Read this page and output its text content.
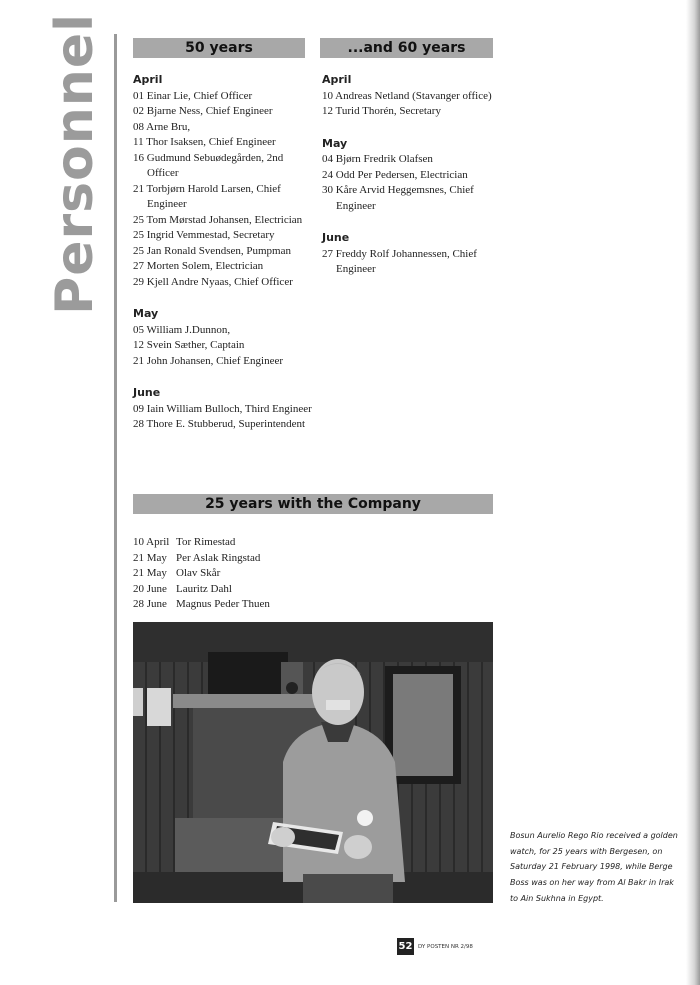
Personnel	50 years	...and 60 years
April
01 Einar Lie, Chief Officer
02 Bjarne Ness, Chief Engineer
08 Arne Bru,
11 Thor Isaksen, Chief Engineer
16 Gudmund Sebuødegården, 2nd Officer
21 Torbjørn Harold Larsen, Chief Engineer
25 Tom Mørstad Johansen, Electrician
25 Ingrid Vemmestad, Secretary
25 Jan Ronald Svendsen, Pumpman
27 Morten Solem, Electrician
29 Kjell Andre Nyaas, Chief Officer
May
05 William J.Dunnon,
12 Svein Sæther, Captain
21 John Johansen, Chief Engineer
June
09 Iain William Bulloch, Third Engineer
28 Thore E. Stubberud, Superintendent
April
10 Andreas Netland (Stavanger office)
12 Turid Thorén, Secretary
May
04 Bjørn Fredrik Olafsen
24 Odd Per Pedersen, Electrician
30 Kåre Arvid Heggemsnes, Chief Engineer
June
27 Freddy Rolf Johannessen, Chief Engineer
25 years with the Company
10 April Tor Rimestad
21 May Per Aslak Ringstad
21 May Olav Skår
20 June Lauritz Dahl
28 June Magnus Peder Thuen
Bosun Aurelio Rego Rio received a golden watch, for 25 years with Bergesen, on Saturday 21 February 1998, while Berge Boss was on her way from Al Bakr in Irak to Ain Sukhna in Egypt.
52 DY POSTEN NR 2/98
